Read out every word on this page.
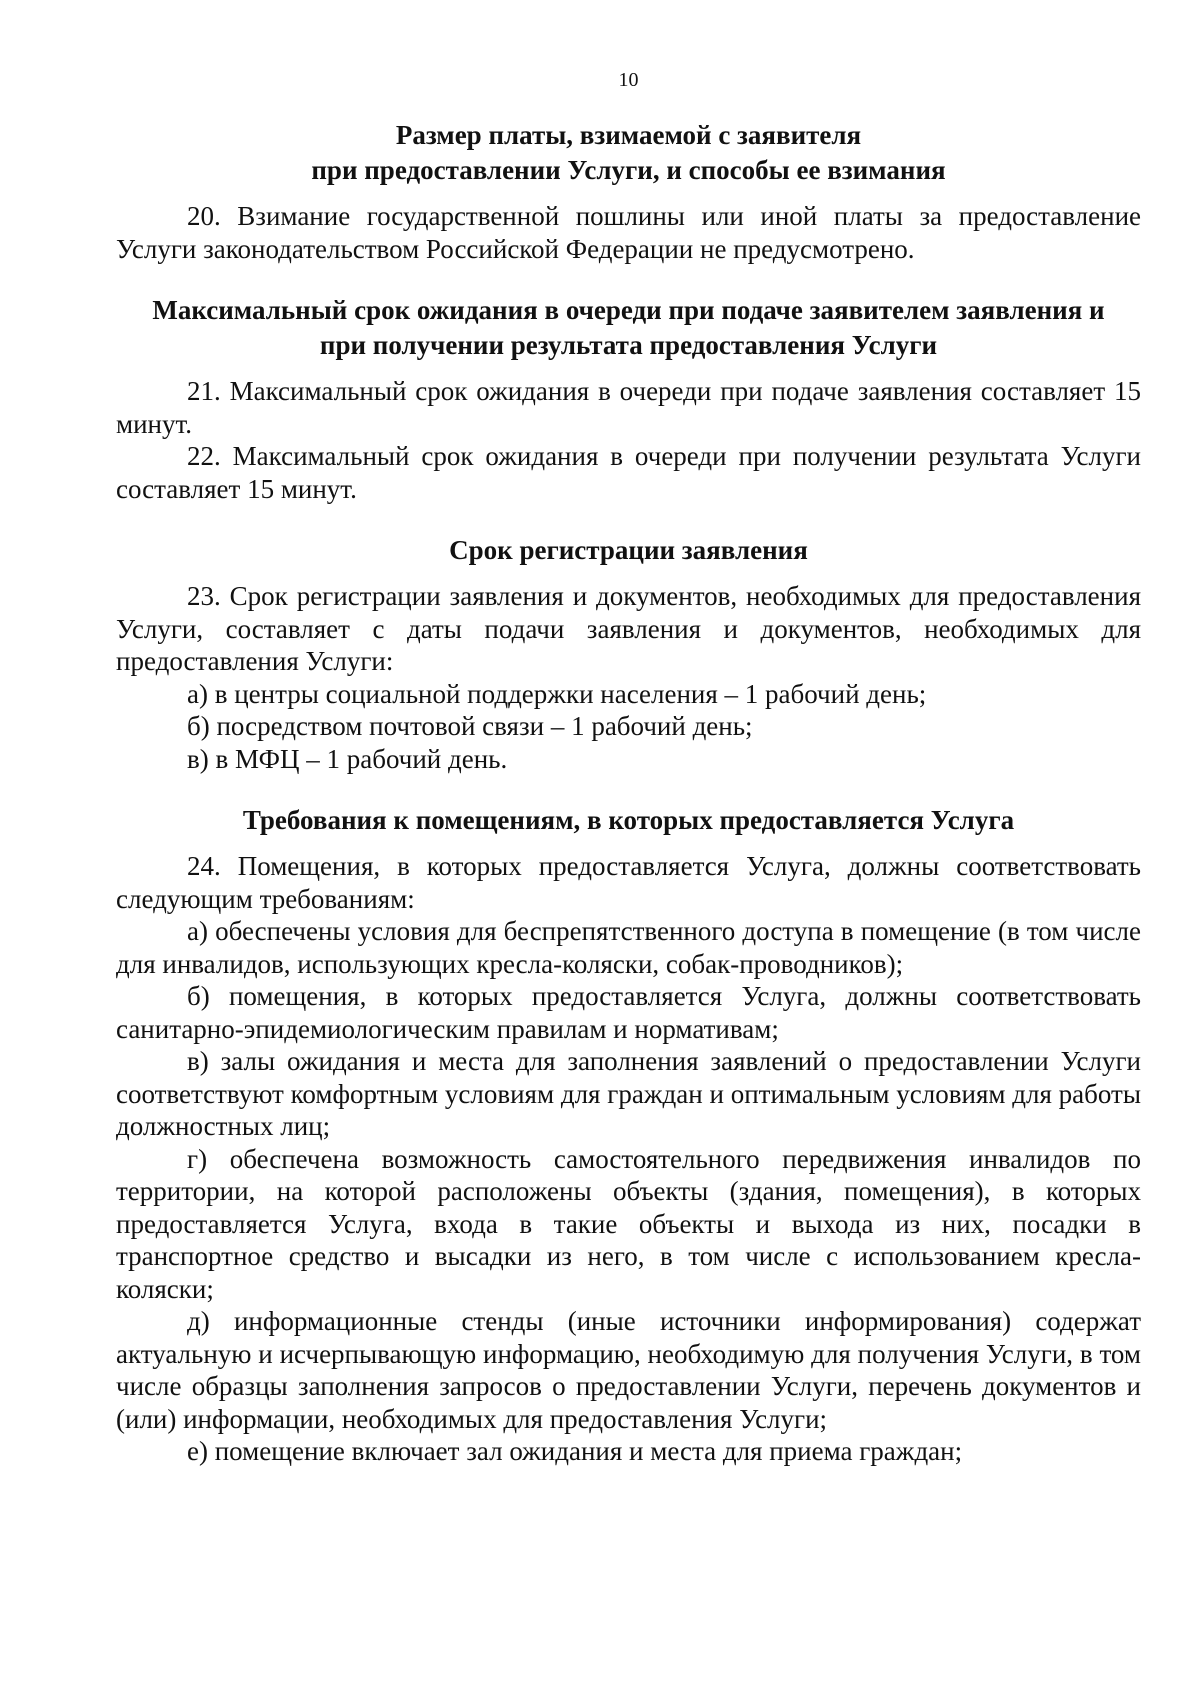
10
Размер платы, взимаемой с заявителя
при предоставлении Услуги, и способы ее взимания

20. Взимание государственной пошлины или иной платы за предоставление Услуги законодательством Российской Федерации не предусмотрено.

Максимальный срок ожидания в очереди при подаче заявителем заявления и
при получении результата предоставления Услуги

21. Максимальный срок ожидания в очереди при подаче заявления составляет 15 минут.

22. Максимальный срок ожидания в очереди при получении результата Услуги составляет 15 минут.

Срок регистрации заявления

23. Срок регистрации заявления и документов, необходимых для предоставления Услуги, составляет с даты подачи заявления и документов, необходимых для предоставления Услуги:

а) в центры социальной поддержки населения – 1 рабочий день;

б) посредством почтовой связи – 1 рабочий день;

в) в МФЦ – 1 рабочий день.

Требования к помещениям, в которых предоставляется Услуга

24. Помещения, в которых предоставляется Услуга, должны соответствовать следующим требованиям:

а) обеспечены условия для беспрепятственного доступа в помещение (в том числе для инвалидов, использующих кресла-коляски, собак-проводников);

б) помещения, в которых предоставляется Услуга, должны соответствовать санитарно-эпидемиологическим правилам и нормативам;

в) залы ожидания и места для заполнения заявлений о предоставлении Услуги соответствуют комфортным условиям для граждан и оптимальным условиям для работы должностных лиц;

г) обеспечена возможность самостоятельного передвижения инвалидов по территории, на которой расположены объекты (здания, помещения), в которых предоставляется Услуга, входа в такие объекты и выхода из них, посадки в транспортное средство и высадки из него, в том числе с использованием кресла-коляски;

д) информационные стенды (иные источники информирования) содержат актуальную и исчерпывающую информацию, необходимую для получения Услуги, в том числе образцы заполнения запросов о предоставлении Услуги, перечень документов и (или) информации, необходимых для предоставления Услуги;

е) помещение включает зал ожидания и места для приема граждан;
